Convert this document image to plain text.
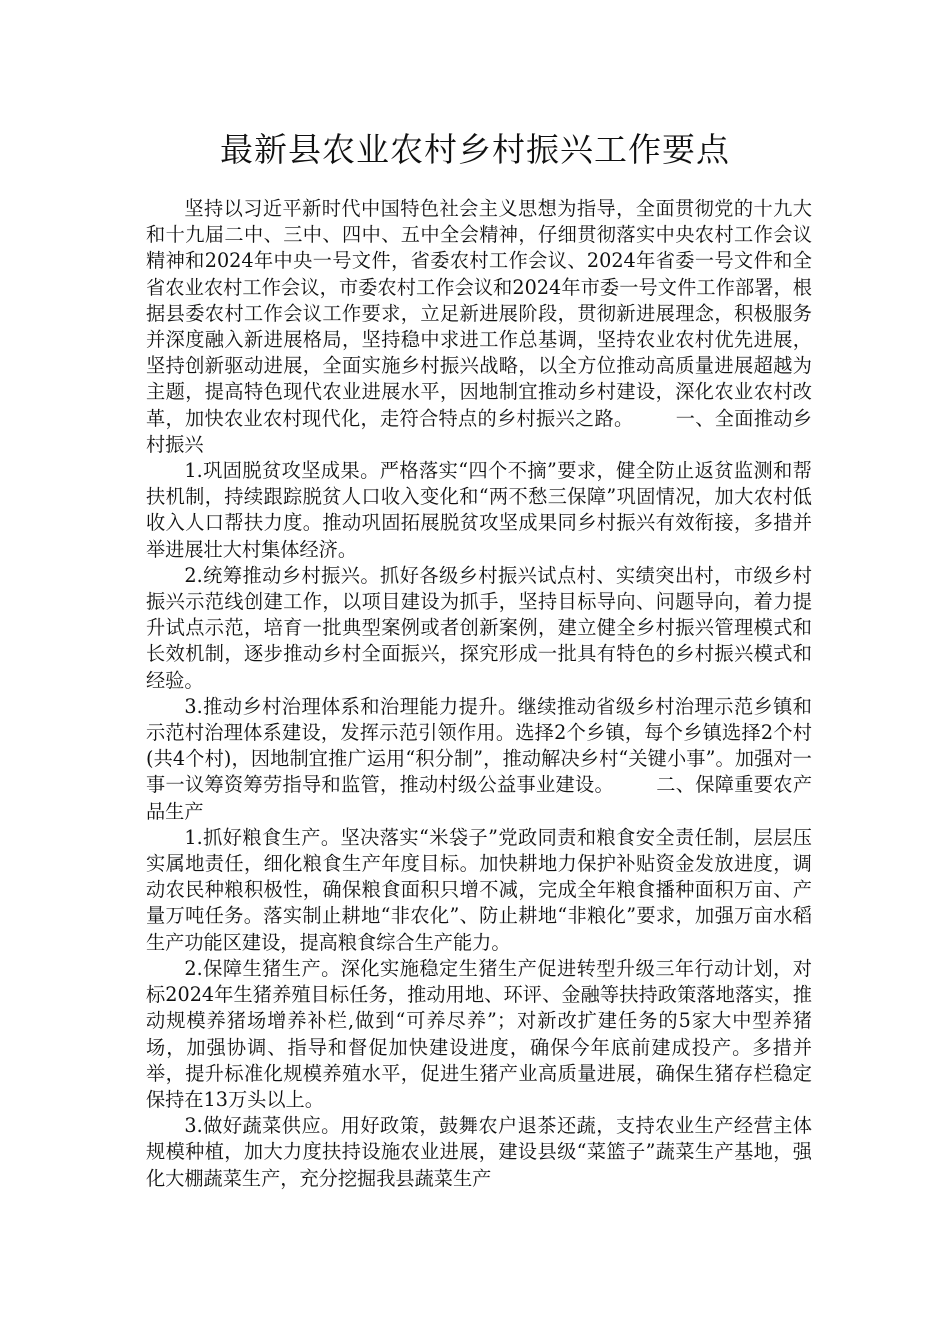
最新县农业农村乡村振兴工作要点

坚持以习近平新时代中国特色社会主义思想为指导，全面贯彻党的十九大和十九届二中、三中、四中、五中全会精神，仔细贯彻落实中央农村工作会议精神和2024年中央一号文件，省委农村工作会议、2024年省委一号文件和全省农业农村工作会议，市委农村工作会议和2024年市委一号文件工作部署，根据县委农村工作会议工作要求，立足新进展阶段，贯彻新进展理念，积极服务并深度融入新进展格局，坚持稳中求进工作总基调，坚持农业农村优先进展，坚持创新驱动进展，全面实施乡村振兴战略，以全方位推动高质量进展超越为主题，提高特色现代农业进展水平，因地制宜推动乡村建设，深化农业农村改革，加快农业农村现代化，走符合特点的乡村振兴之路。 一、全面推动乡村振兴

1.巩固脱贫攻坚成果。严格落实“四个不摘”要求，健全防止返贫监测和帮扶机制，持续跟踪脱贫人口收入变化和“两不愁三保障”巩固情况，加大农村低收入人口帮扶力度。推动巩固拓展脱贫攻坚成果同乡村振兴有效衔接，多措并举进展壮大村集体经济。

2.统筹推动乡村振兴。抓好各级乡村振兴试点村、实绩突出村，市级乡村振兴示范线创建工作，以项目建设为抓手，坚持目标导向、问题导向，着力提升试点示范，培育一批典型案例或者创新案例，建立健全乡村振兴管理模式和长效机制，逐步推动乡村全面振兴，探究形成一批具有特色的乡村振兴模式和经验。

3.推动乡村治理体系和治理能力提升。继续推动省级乡村治理示范乡镇和示范村治理体系建设，发挥示范引领作用。选择2个乡镇，每个乡镇选择2个村(共4个村)，因地制宜推广运用“积分制”，推动解决乡村“关键小事”。加强对一事一议筹资筹劳指导和监管，推动村级公益事业建设。 二、保障重要农产品生产

1.抓好粮食生产。坚决落实“米袋子”党政同责和粮食安全责任制，层层压实属地责任，细化粮食生产年度目标。加快耕地力保护补贴资金发放进度，调动农民种粮积极性，确保粮食面积只增不减，完成全年粮食播种面积万亩、产量万吨任务。落实制止耕地“非农化”、防止耕地“非粮化”要求，加强万亩水稻生产功能区建设，提高粮食综合生产能力。

2.保障生猪生产。深化实施稳定生猪生产促进转型升级三年行动计划，对标2024年生猪养殖目标任务，推动用地、环评、金融等扶持政策落地落实，推动规模养猪场增养补栏,做到“可养尽养”；对新改扩建任务的5家大中型养猪场，加强协调、指导和督促加快建设进度，确保今年底前建成投产。多措并举，提升标准化规模养殖水平，促进生猪产业高质量进展，确保生猪存栏稳定保持在13万头以上。

3.做好蔬菜供应。用好政策，鼓舞农户退茶还蔬，支持农业生产经营主体规模种植，加大力度扶持设施农业进展，建设县级“菜篮子”蔬菜生产基地，强化大棚蔬菜生产，充分挖掘我县蔬菜生产
